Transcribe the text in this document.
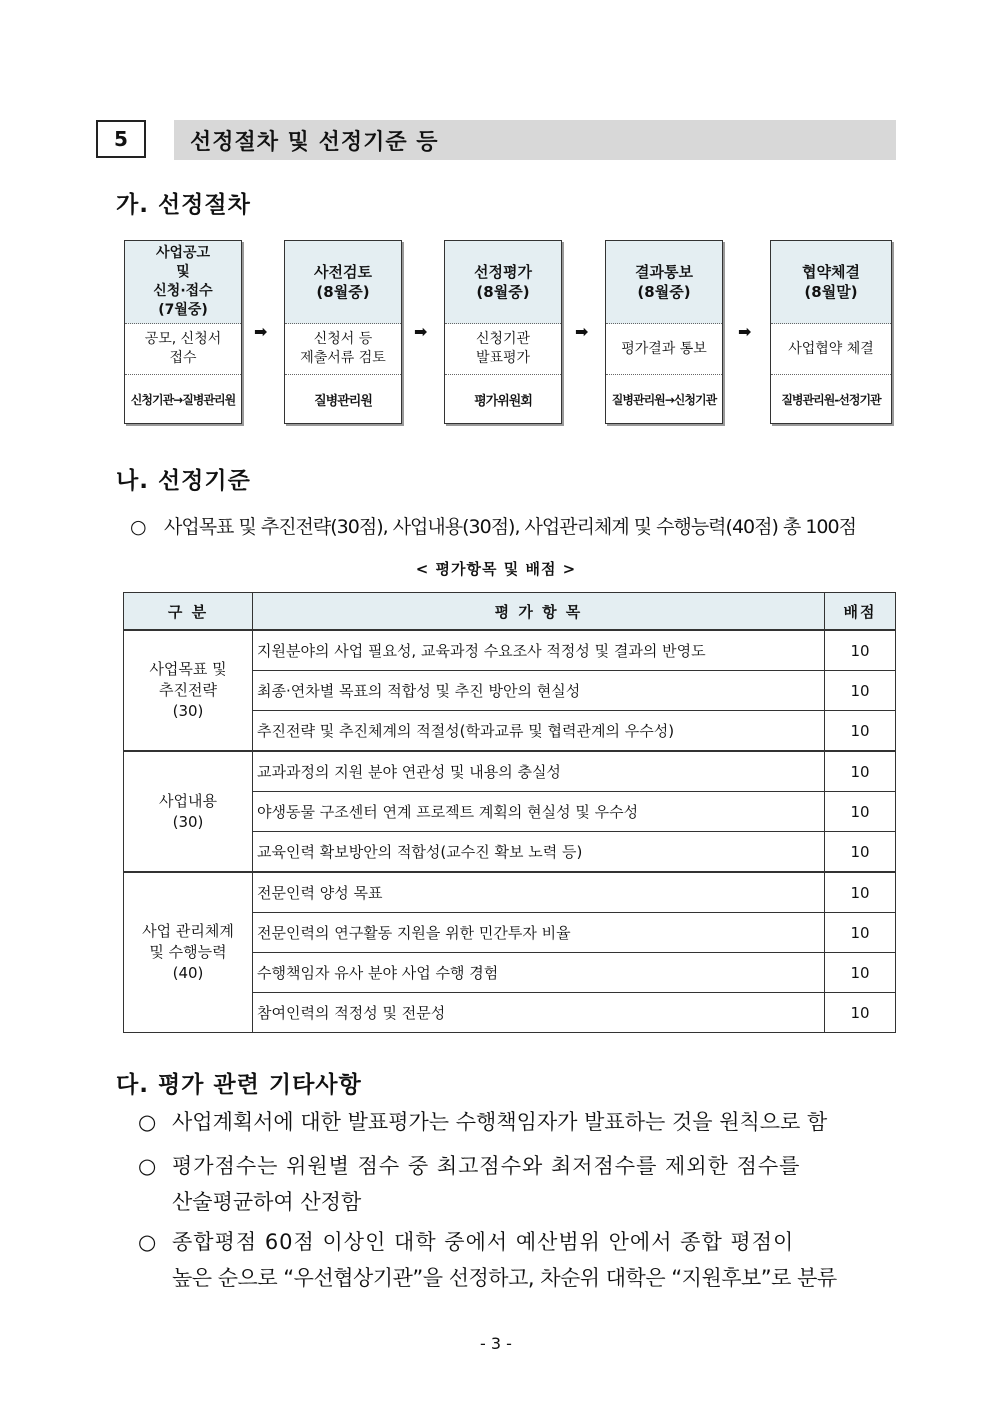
5	선정절차 및 선정기준 등
가. 선정절차
사업공고
및
신청·접수
(7월중)
공모, 신청서
접수
신청기관→질병관리원
➡
사전검토
(8월중)
신청서 등
제출서류 검토
질병관리원
➡
선정평가
(8월중)
신청기관
발표평가
평가위원회
➡
결과통보
(8월중)
평가결과 통보
질병관리원→신청기관
➡
협약체결
(8월말)
사업협약 체결
질병관리원-선정기관
나. 선정기준
○ 사업목표 및 추진전략(30점), 사업내용(30점), 사업관리체계 및 수행능력(40점) 총 100점
< 평가항목 및 배점 >
구 분	평 가 항 목	배점
사업목표 및
추진전략
(30)	지원분야의 사업 필요성, 교육과정 수요조사 적정성 및 결과의 반영도	10
	최종·연차별 목표의 적합성 및 추진 방안의 현실성	10
	추진전략 및 추진체계의 적절성(학과교류 및 협력관계의 우수성)	10
사업내용
(30)	교과과정의 지원 분야 연관성 및 내용의 충실성	10
	야생동물 구조센터 연계 프로젝트 계획의 현실성 및 우수성	10
	교육인력 확보방안의 적합성(교수진 확보 노력 등)	10
사업 관리체계
및 수행능력
(40)	전문인력 양성 목표	10
	전문인력의 연구활동 지원을 위한 민간투자 비율	10
	수행책임자 유사 분야 사업 수행 경험	10
	참여인력의 적정성 및 전문성	10
다. 평가 관련 기타사항
○ 사업계획서에 대한 발표평가는 수행책임자가 발표하는 것을 원칙으로 함
○ 평가점수는 위원별 점수 중 최고점수와 최저점수를 제외한 점수를
산술평균하여 산정함
○ 종합평점 60점 이상인 대학 중에서 예산범위 안에서 종합 평점이
높은 순으로 “우선협상기관”을 선정하고, 차순위 대학은 “지원후보”로 분류
- 3 -
